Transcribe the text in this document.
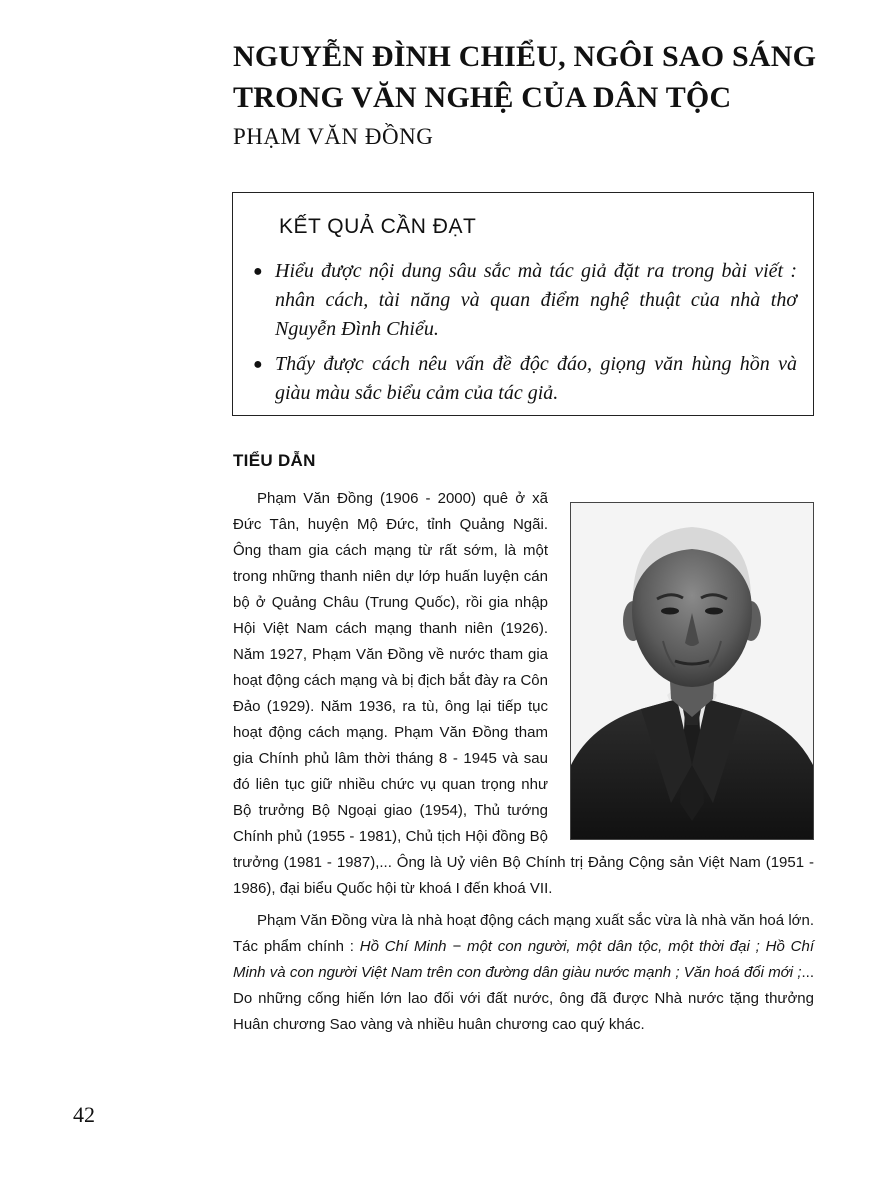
NGUYỄN ĐÌNH CHIỂU, NGÔI SAO SÁNG
TRONG VĂN NGHỆ CỦA DÂN TỘC

PHẠM VĂN ĐỒNG

KẾT QUẢ CẦN ĐẠT
● Hiểu được nội dung sâu sắc mà tác giả đặt ra trong bài viết : nhân cách, tài năng và quan điểm nghệ thuật của nhà thơ Nguyễn Đình Chiểu.
● Thấy được cách nêu vấn đề độc đáo, giọng văn hùng hồn và giàu màu sắc biểu cảm của tác giả.
TIỂU DẪN

Phạm Văn Đồng (1906 - 2000) quê ở xã Đức Tân, huyện Mộ Đức, tỉnh Quảng Ngãi. Ông tham gia cách mạng từ rất sớm, là một trong những thanh niên dự lớp huấn luyện cán bộ ở Quảng Châu (Trung Quốc), rồi gia nhập Hội Việt Nam cách mạng thanh niên (1926). Năm 1927, Phạm Văn Đồng về nước tham gia hoạt động cách mạng và bị địch bắt đày ra Côn Đảo (1929). Năm 1936, ra tù, ông lại tiếp tục hoạt động cách mạng. Phạm Văn Đồng tham gia Chính phủ lâm thời tháng 8 - 1945 và sau đó liên tục giữ nhiều chức vụ quan trọng như Bộ trưởng Bộ Ngoại giao (1954), Thủ tướng Chính phủ (1955 - 1981), Chủ tịch Hội đồng Bộ trưởng (1981 - 1987),... Ông là Uỷ viên Bộ Chính trị Đảng Cộng sản Việt Nam (1951 - 1986), đại biểu Quốc hội từ khoá I đến khoá VII.

Phạm Văn Đồng vừa là nhà hoạt động cách mạng xuất sắc vừa là nhà văn hoá lớn. Tác phẩm chính : Hồ Chí Minh − một con người, một dân tộc, một thời đại ; Hồ Chí Minh và con người Việt Nam trên con đường dân giàu nước mạnh ; Văn hoá đổi mới ;... Do những cống hiến lớn lao đối với đất nước, ông đã được Nhà nước tặng thưởng Huân chương Sao vàng và nhiều huân chương cao quý khác.

42
